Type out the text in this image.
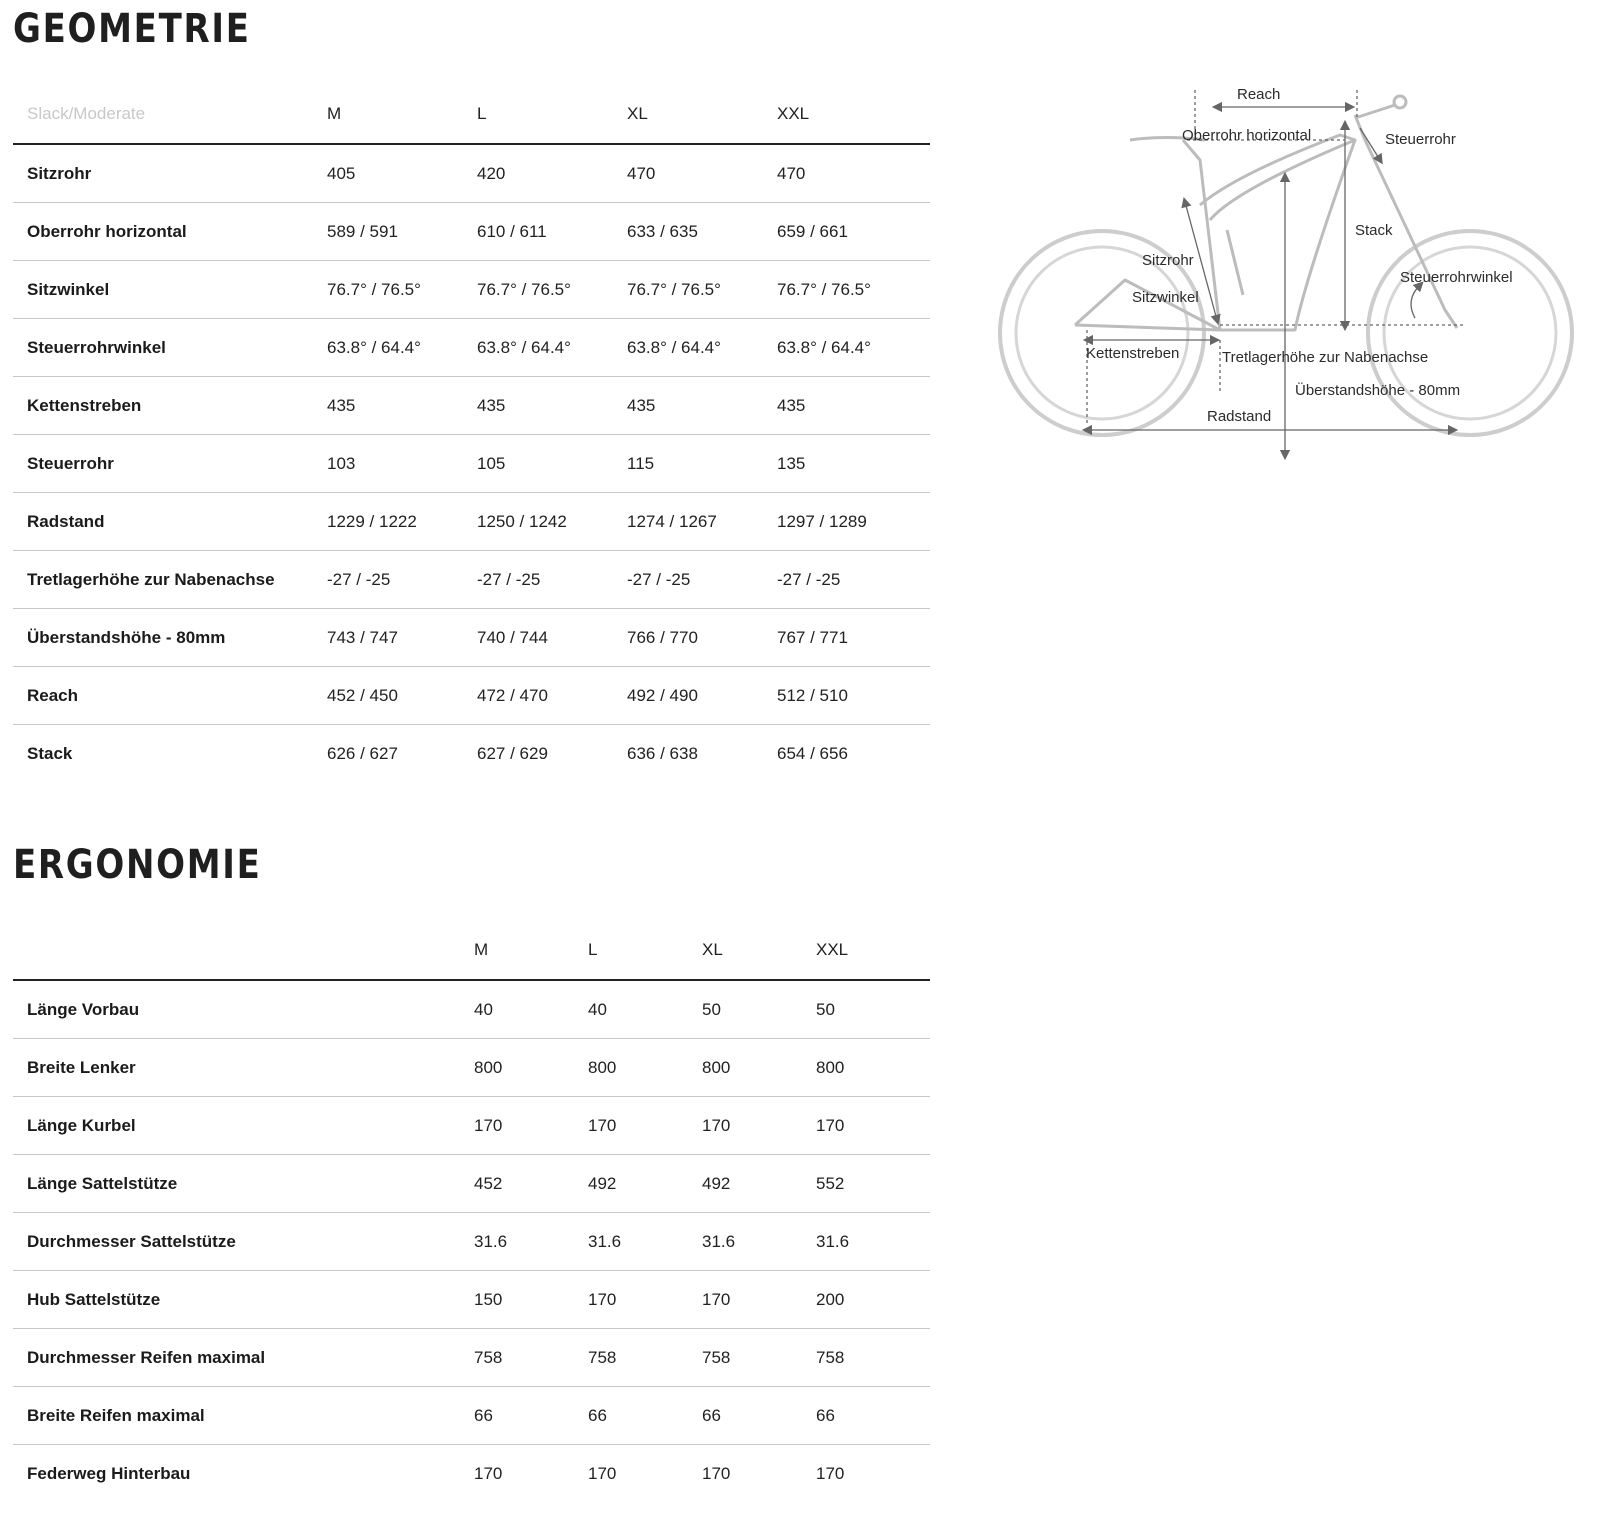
GEOMETRIE
Slack/Moderate	M	L	XL	XXL
Sitzrohr	405	420	470	470
Oberrohr horizontal	589 / 591	610 / 611	633 / 635	659 / 661
Sitzwinkel	76.7° / 76.5°	76.7° / 76.5°	76.7° / 76.5°	76.7° / 76.5°
Steuerrohrwinkel	63.8° / 64.4°	63.8° / 64.4°	63.8° / 64.4°	63.8° / 64.4°
Kettenstreben	435	435	435	435
Steuerrohr	103	105	115	135
Radstand	1229 / 1222	1250 / 1242	1274 / 1267	1297 / 1289
Tretlagerhöhe zur Nabenachse	-27 / -25	-27 / -25	-27 / -25	-27 / -25
Überstandshöhe - 80mm	743 / 747	740 / 744	766 / 770	767 / 771
Reach	452 / 450	472 / 470	492 / 490	512 / 510
Stack	626 / 627	627 / 629	636 / 638	654 / 656
ERGONOMIE
	M	L	XL	XXL
Länge Vorbau	40	40	50	50
Breite Lenker	800	800	800	800
Länge Kurbel	170	170	170	170
Länge Sattelstütze	452	492	492	552
Durchmesser Sattelstütze	31.6	31.6	31.6	31.6
Hub Sattelstütze	150	170	170	200
Durchmesser Reifen maximal	758	758	758	758
Breite Reifen maximal	66	66	66	66
Federweg Hinterbau	170	170	170	170
Reach
Oberrohr horizontal	Steuerrohr
Stack
Sitzrohr
Steuerrohrwinkel
Sitzwinkel
Kettenstreben	Tretlagerhöhe zur Nabenachse
Überstandshöhe - 80mm
Radstand
